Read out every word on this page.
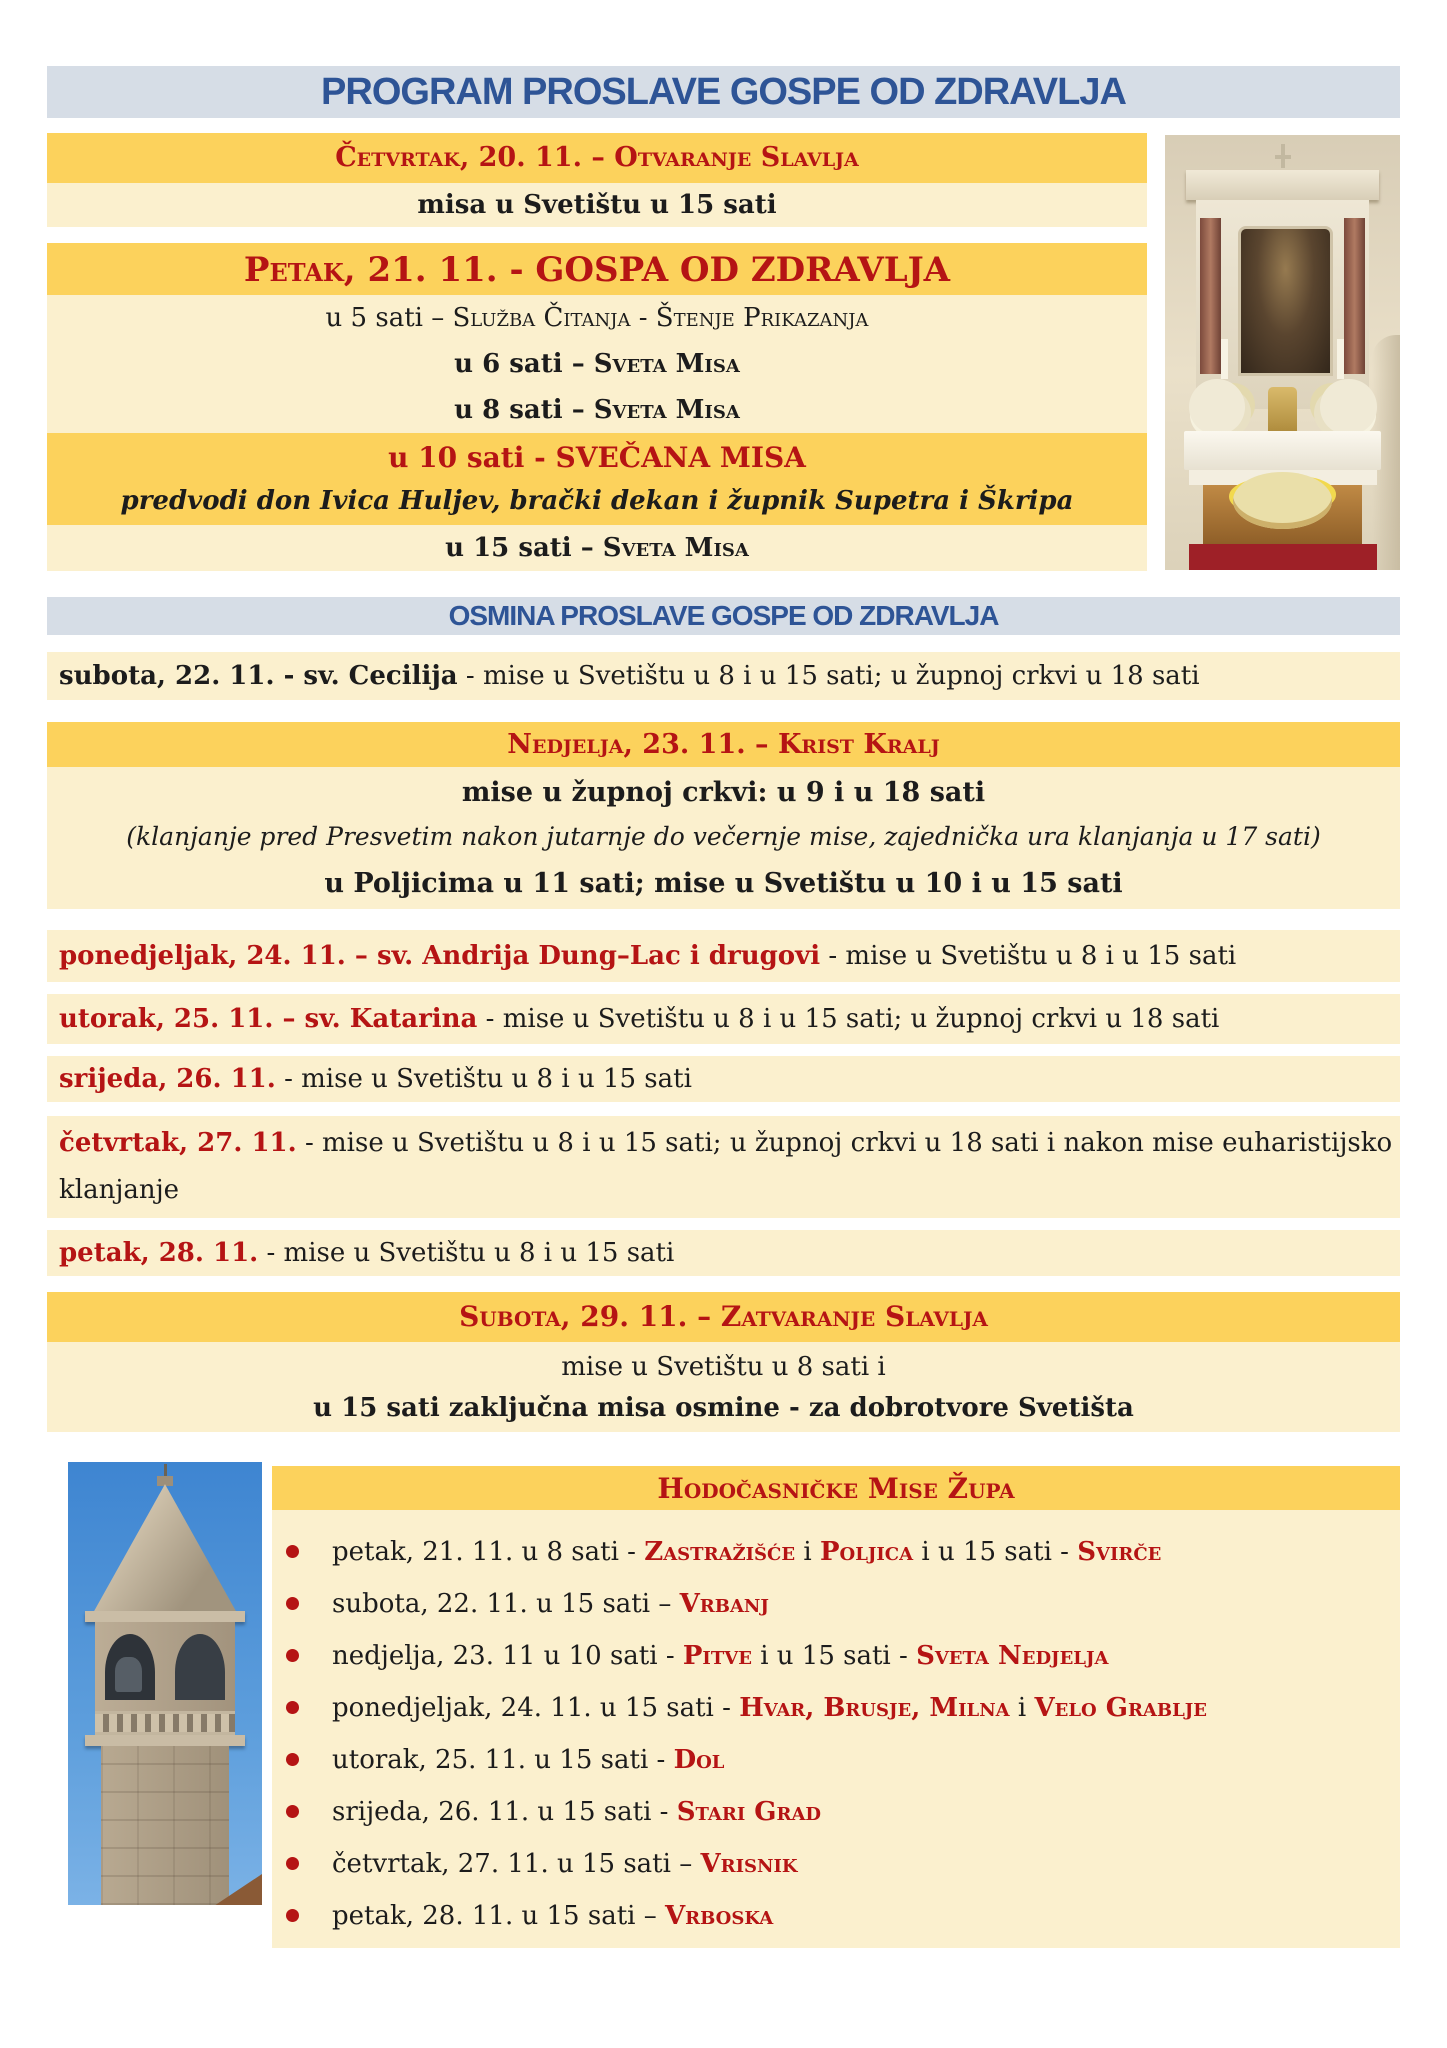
PROGRAM PROSLAVE GOSPE OD ZDRAVLJA
Četvrtak, 20. 11. – Otvaranje Slavlja
misa u Svetištu u 15 sati
Petak, 21. 11. - GOSPA OD ZDRAVLJA
u 5 sati – Služba Čitanja - Štenje Prikazanja
u 6 sati – Sveta Misa
u 8 sati – Sveta Misa
u 10 sati - SVEČANA MISA
predvodi don Ivica Huljev, brački dekan i župnik Supetra i Škripa
u 15 sati – Sveta Misa
OSMINA PROSLAVE GOSPE OD ZDRAVLJA
subota, 22. 11. - sv. Cecilija - mise u Svetištu u 8 i u 15 sati; u župnoj crkvi u 18 sati
Nedjelja, 23. 11. – Krist Kralj
mise u župnoj crkvi: u 9 i u 18 sati
(klanjanje pred Presvetim nakon jutarnje do večernje mise, zajednička ura klanjanja u 17 sati)
u Poljicima u 11 sati; mise u Svetištu u 10 i u 15 sati
ponedjeljak, 24. 11. – sv. Andrija Dung–Lac i drugovi - mise u Svetištu u 8 i u 15 sati
utorak, 25. 11. – sv. Katarina - mise u Svetištu u 8 i u 15 sati; u župnoj crkvi u 18 sati
srijeda, 26. 11. - mise u Svetištu u 8 i u 15 sati
četvrtak, 27. 11. - mise u Svetištu u 8 i u 15 sati; u župnoj crkvi u 18 sati i nakon mise euharistijsko klanjanje
petak, 28. 11. - mise u Svetištu u 8 i u 15 sati
Subota, 29. 11. – Zatvaranje Slavlja
mise u Svetištu u 8 sati i
u 15 sati zaključna misa osmine - za dobrotvore Svetišta
Hodočasničke Mise Župa
petak, 21. 11. u 8 sati - Zastražišće i Poljica i u 15 sati - Svirče
subota, 22. 11. u 15 sati – Vrbanj
nedjelja, 23. 11 u 10 sati - Pitve i u 15 sati - Sveta Nedjelja
ponedjeljak, 24. 11. u 15 sati - Hvar, Brusje, Milna i Velo Grablje
utorak, 25. 11. u 15 sati - Dol
srijeda, 26. 11. u 15 sati - Stari Grad
četvrtak, 27. 11. u 15 sati – Vrisnik
petak, 28. 11. u 15 sati – Vrboska
